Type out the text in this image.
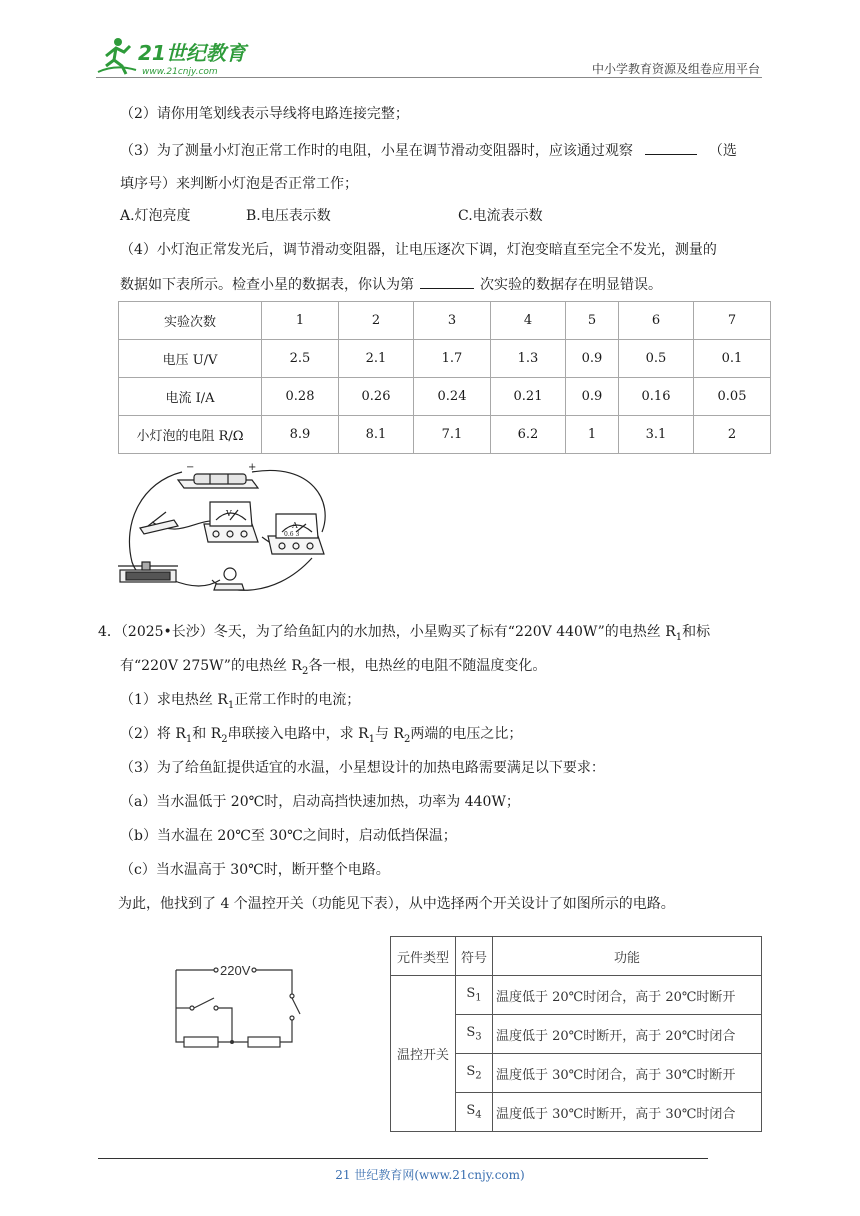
21世纪教育
www.21cnjy.com	中小学教育资源及组卷应用平台
（2）请你用笔划线表示导线将电路连接完整；
（3）为了测量小灯泡正常工作时的电阻，小星在调节滑动变阻器时，应该通过观察	（选
填序号）来判断小灯泡是否正常工作；
A.灯泡亮度	B.电压表示数	C.电流表示数
（4）小灯泡正常发光后，调节滑动变阻器，让电压逐次下调，灯泡变暗直至完全不发光，测量的
数据如下表所示。检查小星的数据表，你认为第	次实验的数据存在明显错误。
实验次数	1	2	3	4	5	6	7
电压 U/V	2.5	2.1	1.7	1.3	0.9	0.5	0.1
电流 I/A	0.28	0.26	0.24	0.21	0.9	0.16	0.05
小灯泡的电阻 R/Ω	8.9	8.1	7.1	6.2	1	3.1	2
−	+
V
A
0.6 3
4．（2025•长沙）冬天，为了给鱼缸内的水加热，小星购买了标有“220V 440W”的电热丝 $R_1$和标
有“220V 275W”的电热丝 $R_2$各一根，电热丝的电阻不随温度变化。
（1）求电热丝 $R_1$正常工作时的电流；
（2）将 $R_1$和 $R_2$串联接入电路中，求 $R_1$与 $R_2$两端的电压之比；
（3）为了给鱼缸提供适宜的水温，小星想设计的加热电路需要满足以下要求：
（a）当水温低于 20℃时，启动高挡快速加热，功率为 440W；
（b）当水温在 20℃至 30℃之间时，启动低挡保温；
（c）当水温高于 30℃时，断开整个电路。
为此，他找到了 4 个温控开关（功能见下表），从中选择两个开关设计了如图所示的电路。
220V
元件类型	符号	功能
温控开关	$S_1$	温度低于 20℃时闭合，高于 20℃时断开
	$S_3$	温度低于 20℃时断开，高于 20℃时闭合
	$S_2$	温度低于 30℃时闭合，高于 30℃时断开
	$S_4$	温度低于 30℃时断开，高于 30℃时闭合
21 世纪教育网(www.21cnjy.com)
